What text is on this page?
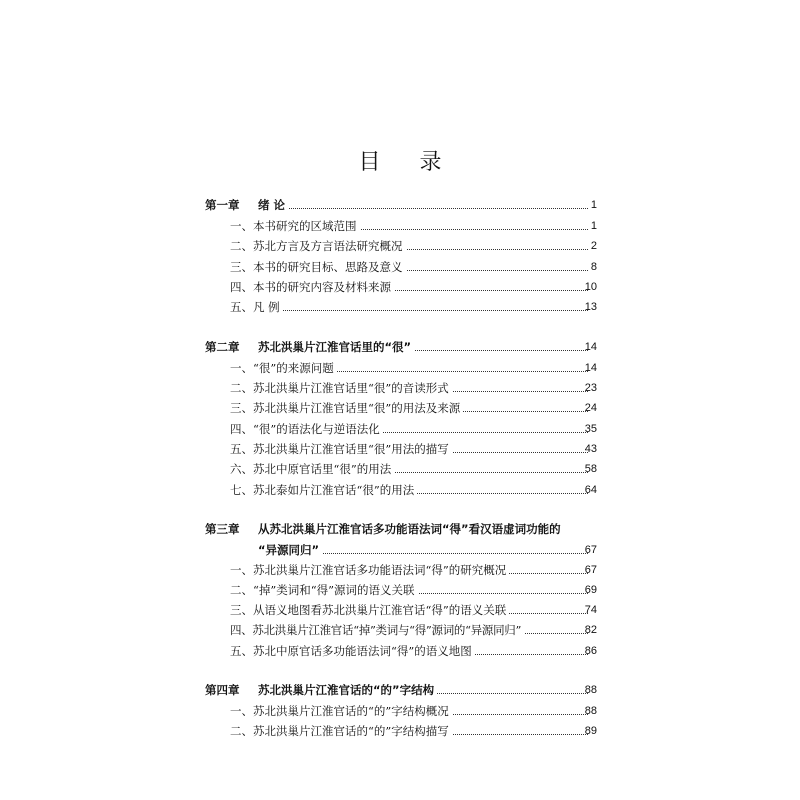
目 录
第一章 绪 论	1
一、本书研究的区域范围	1
二、苏北方言及方言语法研究概况	2
三、本书的研究目标、思路及意义	8
四、本书的研究内容及材料来源	10
五、凡 例	13
第二章 苏北洪巢片江淮官话里的“很”	14
一、“很”的来源问题	14
二、苏北洪巢片江淮官话里“很”的音读形式	23
三、苏北洪巢片江淮官话里“很”的用法及来源	24
四、“很”的语法化与逆语法化	35
五、苏北洪巢片江淮官话里“很”用法的描写	43
六、苏北中原官话里“很”的用法	58
七、苏北泰如片江淮官话“很”的用法	64
第三章 从苏北洪巢片江淮官话多功能语法词“得”看汉语虚词功能的
“异源同归”	67
一、苏北洪巢片江淮官话多功能语法词“得”的研究概况	67
二、“掉”类词和“得”源词的语义关联	69
三、从语义地图看苏北洪巢片江淮官话“得”的语义关联	74
四、苏北洪巢片江淮官话“掉”类词与“得”源词的“异源同归”	82
五、苏北中原官话多功能语法词“得”的语义地图	86
第四章 苏北洪巢片江淮官话的“的”字结构	88
一、苏北洪巢片江淮官话的“的”字结构概况	88
二、苏北洪巢片江淮官话的“的”字结构描写	89
